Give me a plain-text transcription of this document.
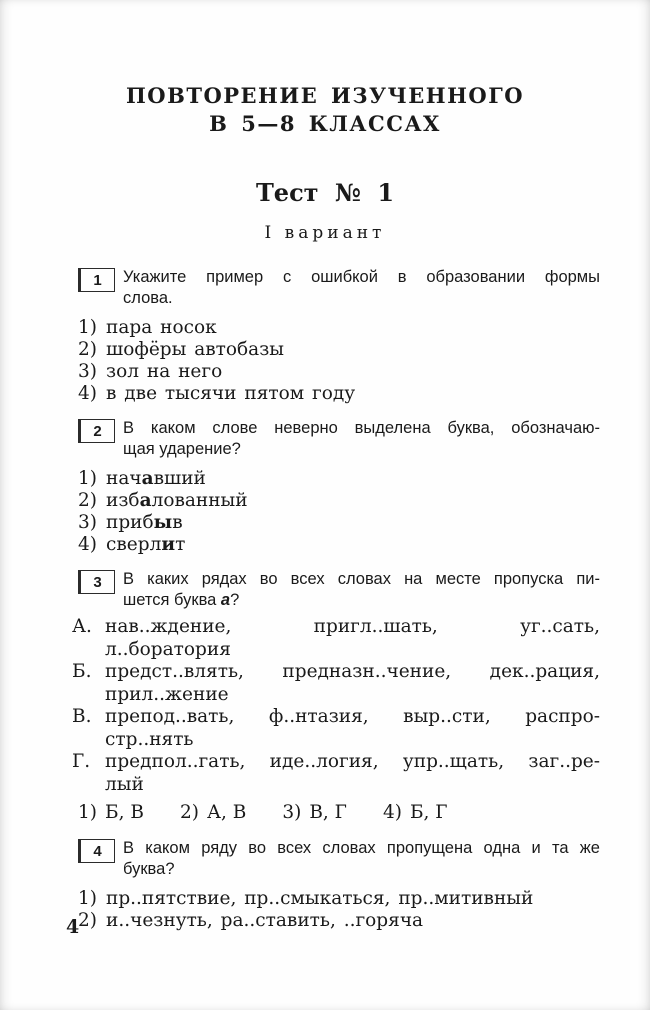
ПОВТОРЕНИЕ ИЗУЧЕННОГО
В 5—8 КЛАССАХ
Тест № 1
I вариант
1 Укажите пример с ошибкой в образовании формы
слова.
1) пара носок
2) шофёры автобазы
3) зол на него
4) в две тысячи пятом году
2 В каком слове неверно выделена буква, обозначаю-
щая ударение?
1) начавший
2) избалованный
3) прибыв
4) сверлит
3 В каких рядах во всех словах на месте пропуска пи-
шется буква а?
А. нав..ждение, пригл..шать, уг..сать,
л..боратория
Б. предст..влять, предназн..чение, дек..рация,
прил..жение
В. препод..вать, ф..нтазия, выр..сти, распро-
стр..нять
Г. предпол..гать, иде..логия, упр..щать, заг..ре-
лый
1) Б, В 2) А, В 3) В, Г 4) Б, Г
4 В каком ряду во всех словах пропущена одна и та же
буква?
1) пр..пятствие, пр..смыкаться, пр..митивный
2) и..чезнуть, ра..ставить, ..горяча
4
